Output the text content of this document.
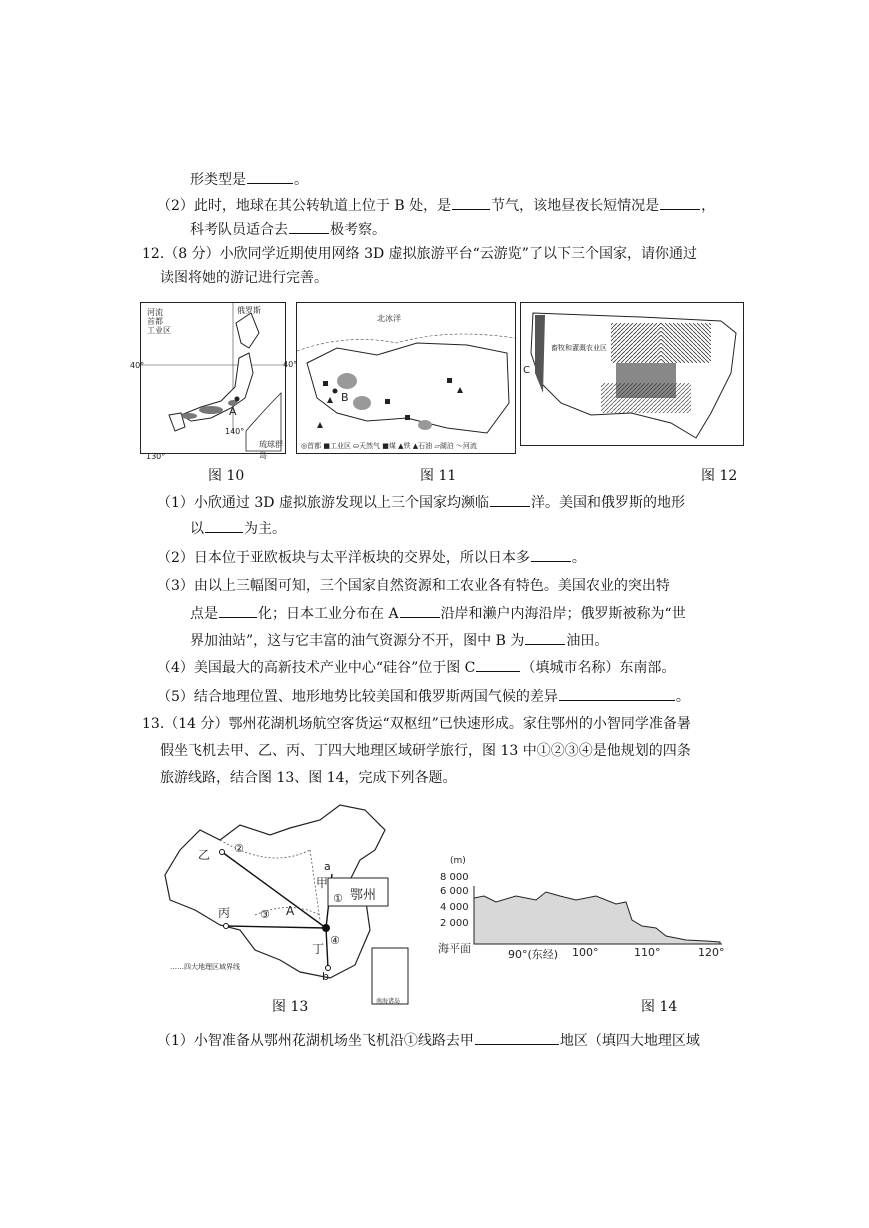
形类型是	。
（2）此时，地球在其公转轨道上位于 B 处，是	节气，该地昼夜长短情况是	，
科考队员适合去	极考察。
12.（8 分）小欣同学近期使用网络 3D 虚拟旅游平台“云游览”了以下三个国家，请你通过
读图将她的游记进行完善。
河流
首都
工业区
俄罗斯
A
140°
琉球群岛
40°
130°
北冰洋
B
◎首都 ■工业区 ⛀天然气 ■煤 ▲铁 ▲石油 ▱湖泊 ～河流
40°
C
畜牧和灌溉农业区
图 10	图 11	图 12
（1）小欣通过 3D 虚拟旅游发现以上三个国家均濒临	洋。美国和俄罗斯的地形
以	为主。
（2）日本位于亚欧板块与太平洋板块的交界处，所以日本多	。
（3）由以上三幅图可知，三个国家自然资源和工农业各有特色。美国农业的突出特
点是	化；日本工业分布在 A	沿岸和濑户内海沿岸；俄罗斯被称为“世
界加油站”，这与它丰富的油气资源分不开，图中 B 为	油田。
（4）美国最大的高新技术产业中心“硅谷”位于图 C	（填城市名称）东南部。
（5）结合地理位置、地形地势比较美国和俄罗斯两国气候的差异	。
13.（14 分）鄂州花湖机场航空客货运“双枢纽”已快速形成。家住鄂州的小智同学准备暑
假坐飞机去甲、乙、丙、丁四大地理区域研学旅行，图 13 中①②③④是他规划的四条
旅游线路，结合图 13、图 14，完成下列各题。
乙
甲
丙
丁
①
②
③
④
鄂州
A
a
b
……四大地理区域界线
南海诸岛
(m)
8 000
6 000
4 000
2 000
海平面	90°(东经) 100°	110°	120°
图 13	图 14
（1）小智准备从鄂州花湖机场坐飞机沿①线路去甲	地区（填四大地理区域
